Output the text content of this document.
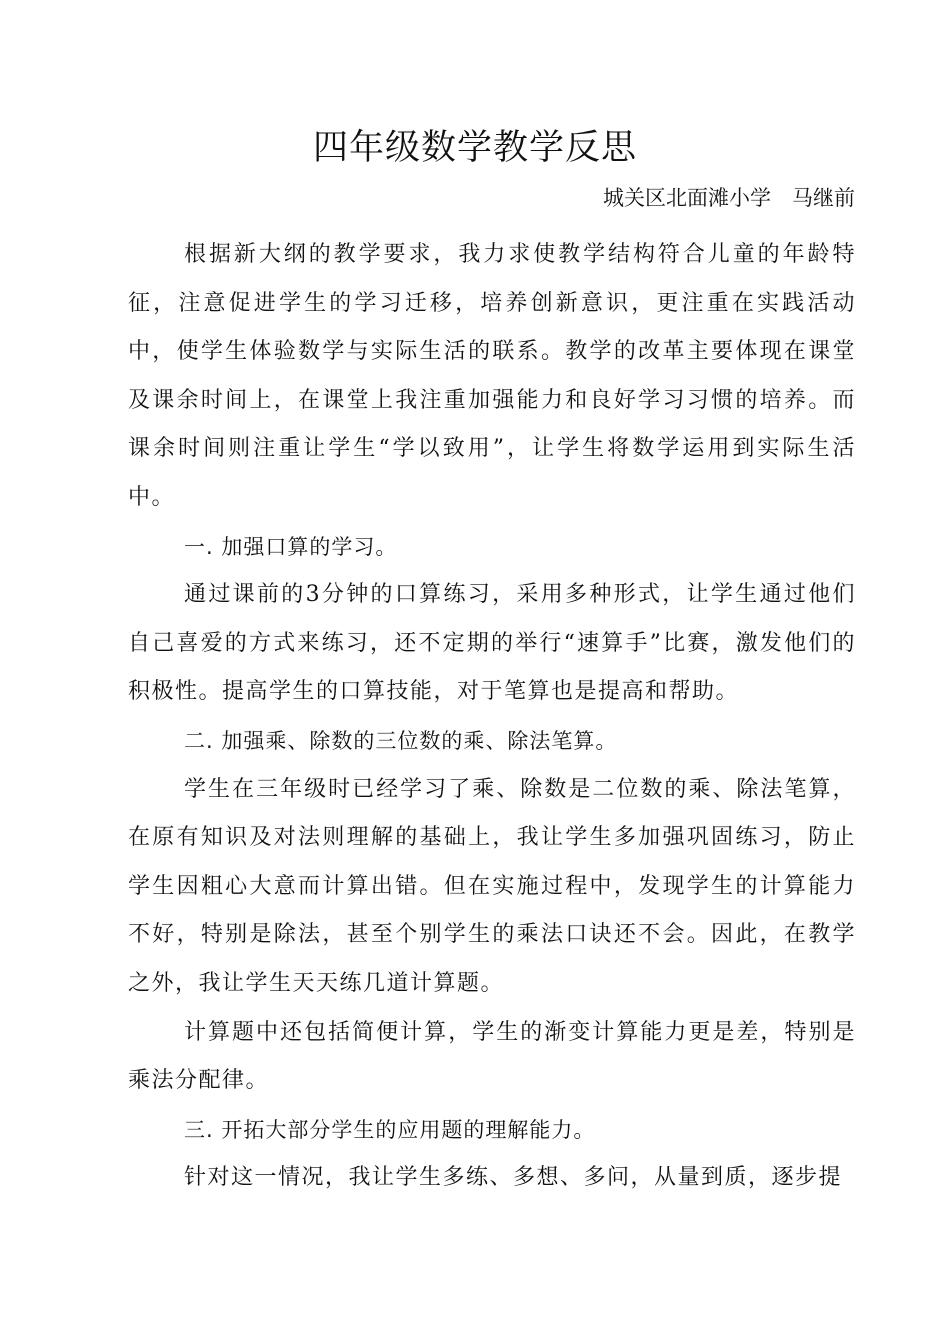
四年级数学教学反思
城关区北面滩小学　马继前

根据新大纲的教学要求，我力求使教学结构符合儿童的年龄特征，注意促进学生的学习迁移，培养创新意识，更注重在实践活动中，使学生体验数学与实际生活的联系。教学的改革主要体现在课堂及课余时间上，在课堂上我注重加强能力和良好学习习惯的培养。而课余时间则注重让学生“学以致用”，让学生将数学运用到实际生活中。

一. 加强口算的学习。

通过课前的3分钟的口算练习，采用多种形式，让学生通过他们自己喜爱的方式来练习，还不定期的举行“速算手”比赛，激发他们的积极性。提高学生的口算技能，对于笔算也是提高和帮助。

二. 加强乘、除数的三位数的乘、除法笔算。

学生在三年级时已经学习了乘、除数是二位数的乘、除法笔算，在原有知识及对法则理解的基础上，我让学生多加强巩固练习，防止学生因粗心大意而计算出错。但在实施过程中，发现学生的计算能力不好，特别是除法，甚至个别学生的乘法口诀还不会。因此，在教学之外，我让学生天天练几道计算题。

计算题中还包括简便计算，学生的渐变计算能力更是差，特别是乘法分配律。

三. 开拓大部分学生的应用题的理解能力。

针对这一情况，我让学生多练、多想、多问，从量到质，逐步提
